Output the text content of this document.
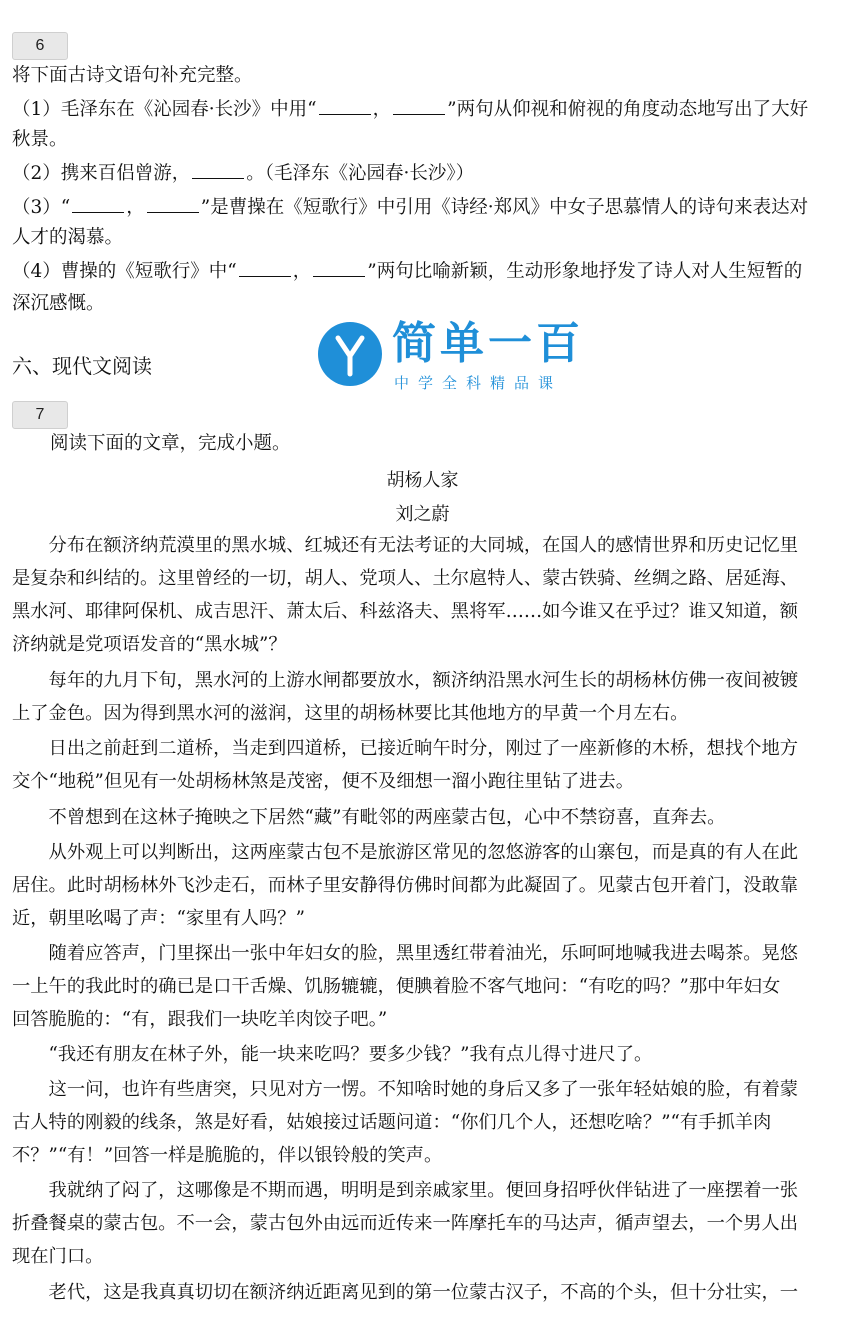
6
将下面古诗文语句补充完整。
（1）毛泽东在《沁园春·长沙》中用“	，	”两句从仰视和俯视的角度动态地写出了大好
秋景。
（2）携来百侣曾游，	。（毛泽东《沁园春·长沙》）
（3）“	，	”是曹操在《短歌行》中引用《诗经·郑风》中女子思慕情人的诗句来表达对
人才的渴慕。
（4）曹操的《短歌行》中“	，	”两句比喻新颖，生动形象地抒发了诗人对人生短暂的
深沉感慨。
六、现代文阅读	简单一百
中学全科精品课
7
阅读下面的文章，完成小题。
胡杨人家
刘之蔚
　　分布在额济纳荒漠里的黑水城、红城还有无法考证的大同城，在国人的感情世界和历史记忆里
是复杂和纠结的。这里曾经的一切，胡人、党项人、土尔扈特人、蒙古铁骑、丝绸之路、居延海、
黑水河、耶律阿保机、成吉思汗、萧太后、科兹洛夫、黑将军……如今谁又在乎过？谁又知道，额
济纳就是党项语发音的“黑水城”？
　　每年的九月下旬，黑水河的上游水闸都要放水，额济纳沿黑水河生长的胡杨林仿佛一夜间被镀
上了金色。因为得到黑水河的滋润，这里的胡杨林要比其他地方的早黄一个月左右。
　　日出之前赶到二道桥，当走到四道桥，已接近晌午时分，刚过了一座新修的木桥，想找个地方
交个“地税”但见有一处胡杨林煞是茂密，便不及细想一溜小跑往里钻了进去。
　　不曾想到在这林子掩映之下居然“藏”有毗邻的两座蒙古包，心中不禁窃喜，直奔去。
　　从外观上可以判断出，这两座蒙古包不是旅游区常见的忽悠游客的山寨包，而是真的有人在此
居住。此时胡杨林外飞沙走石，而林子里安静得仿佛时间都为此凝固了。见蒙古包开着门，没敢靠
近，朝里吆喝了声：“家里有人吗？”
　　随着应答声，门里探出一张中年妇女的脸，黑里透红带着油光，乐呵呵地喊我进去喝茶。晃悠
一上午的我此时的确已是口干舌燥、饥肠辘辘，便腆着脸不客气地问：“有吃的吗？”那中年妇女
回答脆脆的：“有，跟我们一块吃羊肉饺子吧。”
　　“我还有朋友在林子外，能一块来吃吗？要多少钱？”我有点儿得寸进尺了。
　　这一问，也许有些唐突，只见对方一愣。不知啥时她的身后又多了一张年轻姑娘的脸，有着蒙
古人特的刚毅的线条，煞是好看，姑娘接过话题问道：“你们几个人，还想吃啥？”“有手抓羊肉
不？”“有！”回答一样是脆脆的，伴以银铃般的笑声。
　　我就纳了闷了，这哪像是不期而遇，明明是到亲戚家里。便回身招呼伙伴钻进了一座摆着一张
折叠餐桌的蒙古包。不一会，蒙古包外由远而近传来一阵摩托车的马达声，循声望去，一个男人出
现在门口。
　　老代，这是我真真切切在额济纳近距离见到的第一位蒙古汉子，不高的个头，但十分壮实，一
